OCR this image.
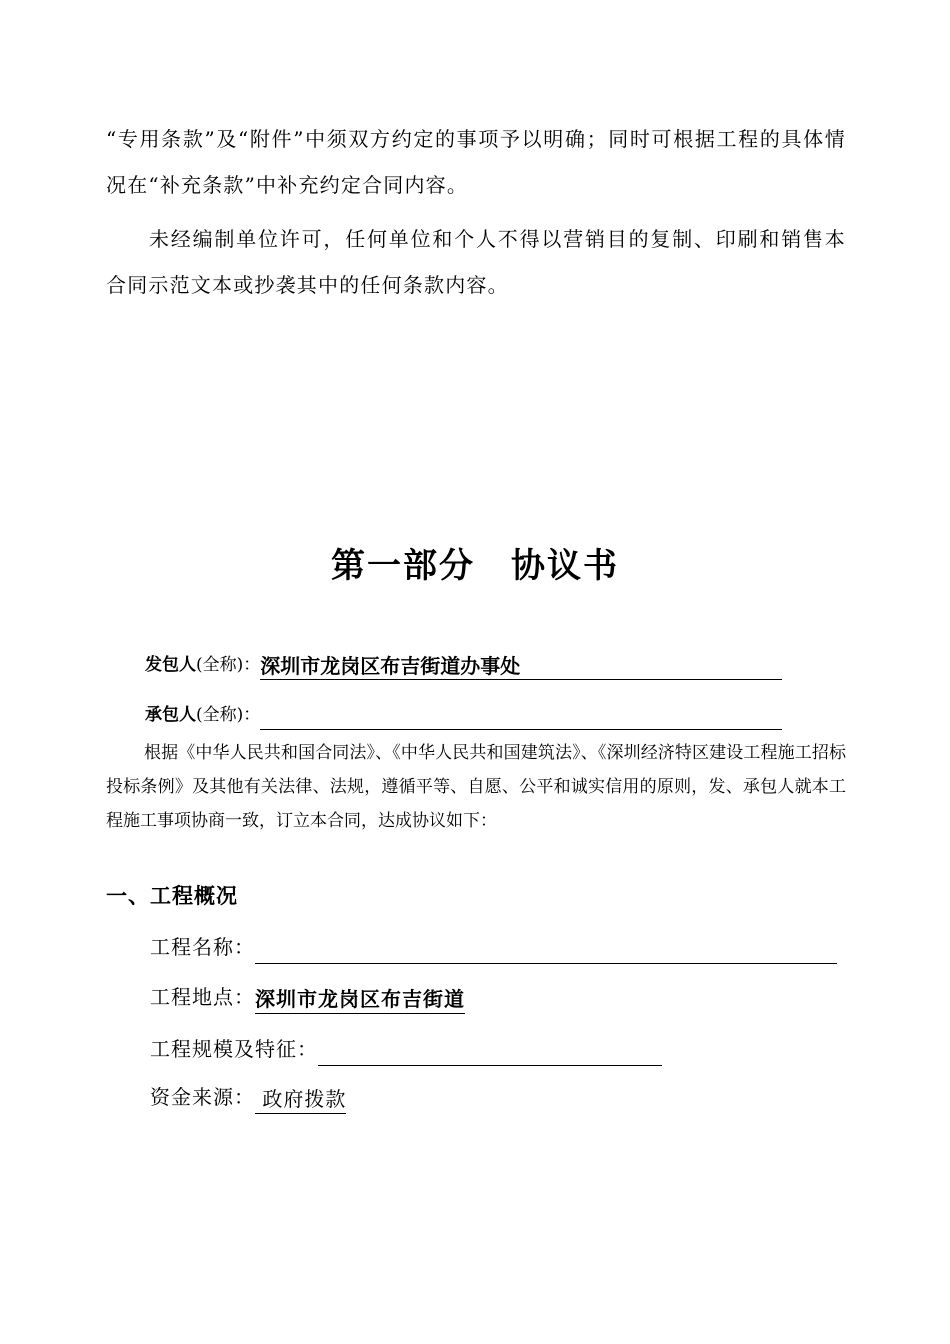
“专用条款”及“附件”中须双方约定的事项予以明确；同时可根据工程的具体情况在“补充条款”中补充约定合同内容。

未经编制单位许可，任何单位和个人不得以营销目的复制、印刷和销售本合同示范文本或抄袭其中的任何条款内容。

第一部分　协议书
发包人(全称)：深圳市龙岗区布吉街道办事处
承包人(全称)：

根据《中华人民共和国合同法》、《中华人民共和国建筑法》、《深圳经济特区建设工程施工招标投标条例》及其他有关法律、法规，遵循平等、自愿、公平和诚实信用的原则，发、承包人就本工程施工事项协商一致，订立本合同，达成协议如下：

一、工程概况
工程名称：
工程地点：深圳市龙岗区布吉街道
工程规模及特征：
资金来源： 政府拨款
